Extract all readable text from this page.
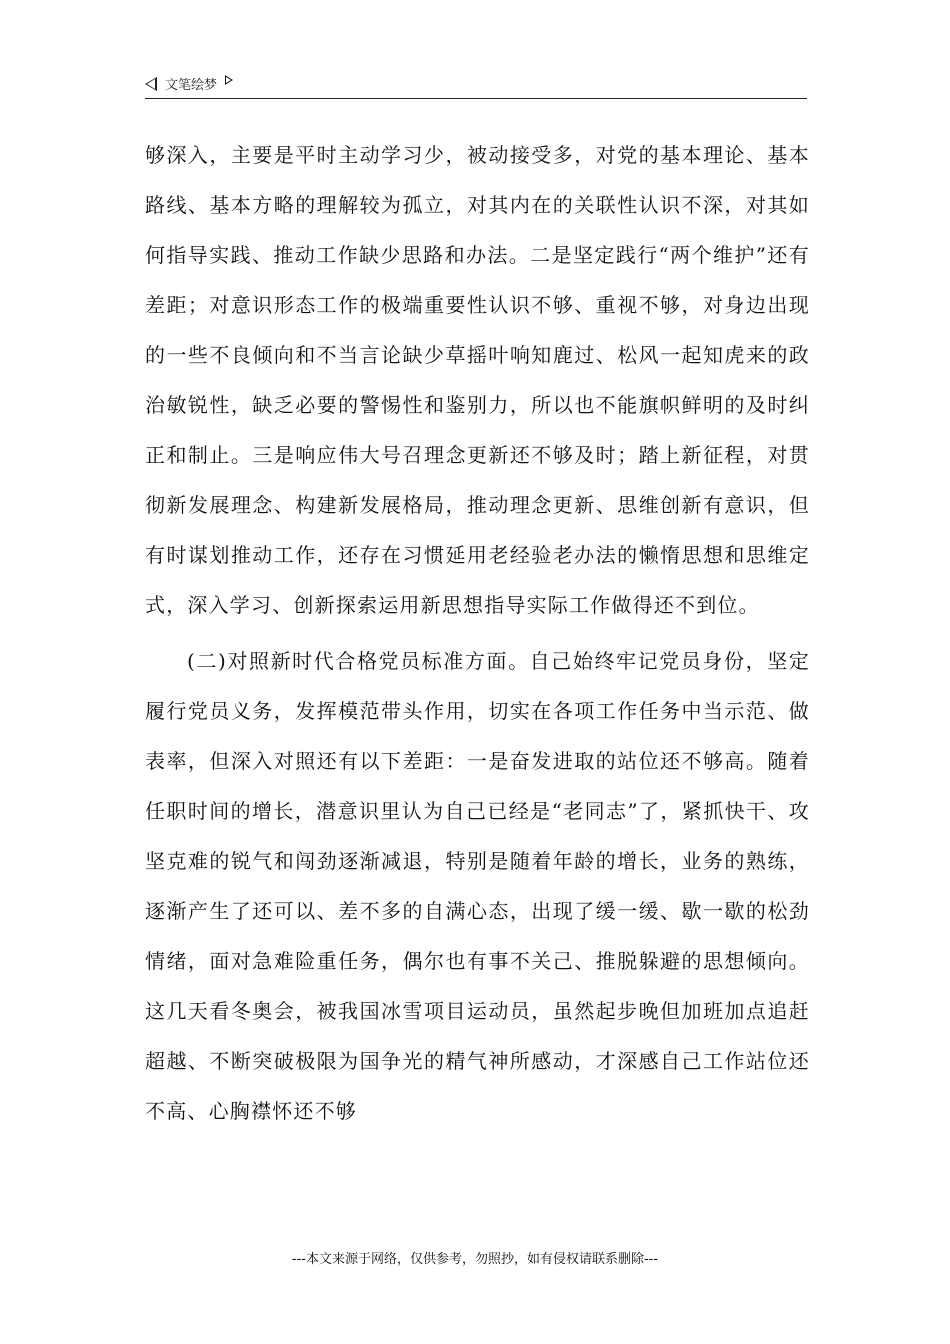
文笔绘梦

够深入，主要是平时主动学习少，被动接受多，对党的基本理论、基本路线、基本方略的理解较为孤立，对其内在的关联性认识不深，对其如何指导实践、推动工作缺少思路和办法。二是坚定践行“两个维护”还有差距；对意识形态工作的极端重要性认识不够、重视不够，对身边出现的一些不良倾向和不当言论缺少草摇叶响知鹿过、松风一起知虎来的政治敏锐性，缺乏必要的警惕性和鉴别力，所以也不能旗帜鲜明的及时纠正和制止。三是响应伟大号召理念更新还不够及时；踏上新征程，对贯彻新发展理念、构建新发展格局，推动理念更新、思维创新有意识，但有时谋划推动工作，还存在习惯延用老经验老办法的懒惰思想和思维定式，深入学习、创新探索运用新思想指导实际工作做得还不到位。

(二)对照新时代合格党员标准方面。自己始终牢记党员身份，坚定履行党员义务，发挥模范带头作用，切实在各项工作任务中当示范、做表率，但深入对照还有以下差距：一是奋发进取的站位还不够高。随着任职时间的增长，潜意识里认为自己已经是“老同志”了，紧抓快干、攻坚克难的锐气和闯劲逐渐减退，特别是随着年龄的增长，业务的熟练，逐渐产生了还可以、差不多的自满心态，出现了缓一缓、歇一歇的松劲情绪，面对急难险重任务，偶尔也有事不关己、推脱躲避的思想倾向。这几天看冬奥会，被我国冰雪项目运动员，虽然起步晚但加班加点追赶超越、不断突破极限为国争光的精气神所感动，才深感自己工作站位还不高、心胸襟怀还不够

---本文来源于网络，仅供参考，勿照抄，如有侵权请联系删除---
